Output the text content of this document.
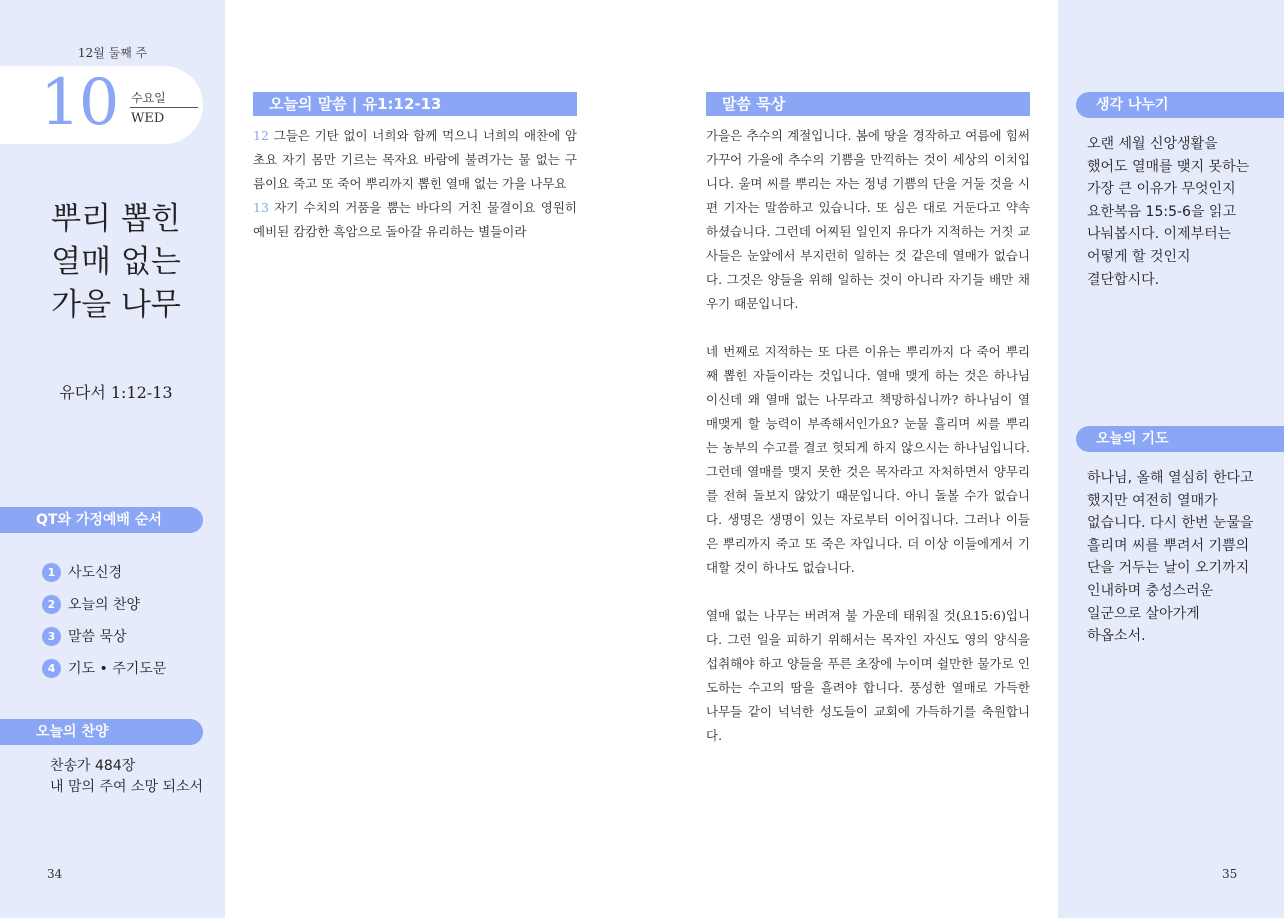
12월 둘째 주
10 수요일
WED
뿌리 뽑힌
열매 없는
가을 나무
유다서 1:12-13
QT와 가정예배 순서
1 사도신경
2 오늘의 찬양
3 말씀 묵상
4 기도 • 주기도문
오늘의 찬양
찬송가 484장
내 맘의 주여 소망 되소서
34
오늘의 말씀 | 유1:12-13

12 그들은 기탄 없이 너희와 함께 먹으니 너희의 애찬에 암초요 자기 몸만 기르는 목자요 바람에 불려가는 물 없는 구름이요 죽고 또 죽어 뿌리까지 뽑힌 열매 없는 가을 나무요

13 자기 수치의 거품을 뿜는 바다의 거친 물결이요 영원히 예비된 캄캄한 흑암으로 돌아갈 유리하는 별들이라

말씀 묵상

가을은 추수의 계절입니다. 봄에 땅을 경작하고 여름에 힘써 가꾸어 가을에 추수의 기쁨을 만끽하는 것이 세상의 이치입니다. 울며 씨를 뿌리는 자는 정녕 기쁨의 단을 거둘 것을 시편 기자는 말씀하고 있습니다. 또 심은 대로 거둔다고 약속하셨습니다. 그런데 어찌된 일인지 유다가 지적하는 거짓 교사들은 눈앞에서 부지런히 일하는 것 같은데 열매가 없습니다. 그것은 양들을 위해 일하는 것이 아니라 자기들 배만 채우기 때문입니다.

네 번째로 지적하는 또 다른 이유는 뿌리까지 다 죽어 뿌리째 뽑힌 자들이라는 것입니다. 열매 맺게 하는 것은 하나님이신데 왜 열매 없는 나무라고 책망하십니까? 하나님이 열매맺게 할 능력이 부족해서인가요? 눈물 흘리며 씨를 뿌리는 농부의 수고를 결코 헛되게 하지 않으시는 하나님입니다. 그런데 열매를 맺지 못한 것은 목자라고 자처하면서 양무리를 전혀 돌보지 않았기 때문입니다. 아니 돌볼 수가 없습니다. 생명은 생명이 있는 자로부터 이어집니다. 그러나 이들은 뿌리까지 죽고 또 죽은 자입니다. 더 이상 이들에게서 기대할 것이 하나도 없습니다.

열매 없는 나무는 버려져 불 가운데 태워질 것(요15:6)입니다. 그런 일을 피하기 위해서는 목자인 자신도 영의 양식을 섭취해야 하고 양들을 푸른 초장에 누이며 쉴만한 물가로 인도하는 수고의 땀을 흘려야 합니다. 풍성한 열매로 가득한 나무들 같이 넉넉한 성도들이 교회에 가득하기를 축원합니다.

생각 나누기
오랜 세월 신앙생활을
했어도 열매를 맺지 못하는
가장 큰 이유가 무엇인지
요한복음 15:5-6을 읽고
나눠봅시다. 이제부터는
어떻게 할 것인지
결단합시다.
오늘의 기도
하나님, 올해 열심히 한다고
했지만 여전히 열매가
없습니다. 다시 한번 눈물을
흘리며 씨를 뿌려서 기쁨의
단을 거두는 날이 오기까지
인내하며 충성스러운
일군으로 살아가게
하옵소서.
35
